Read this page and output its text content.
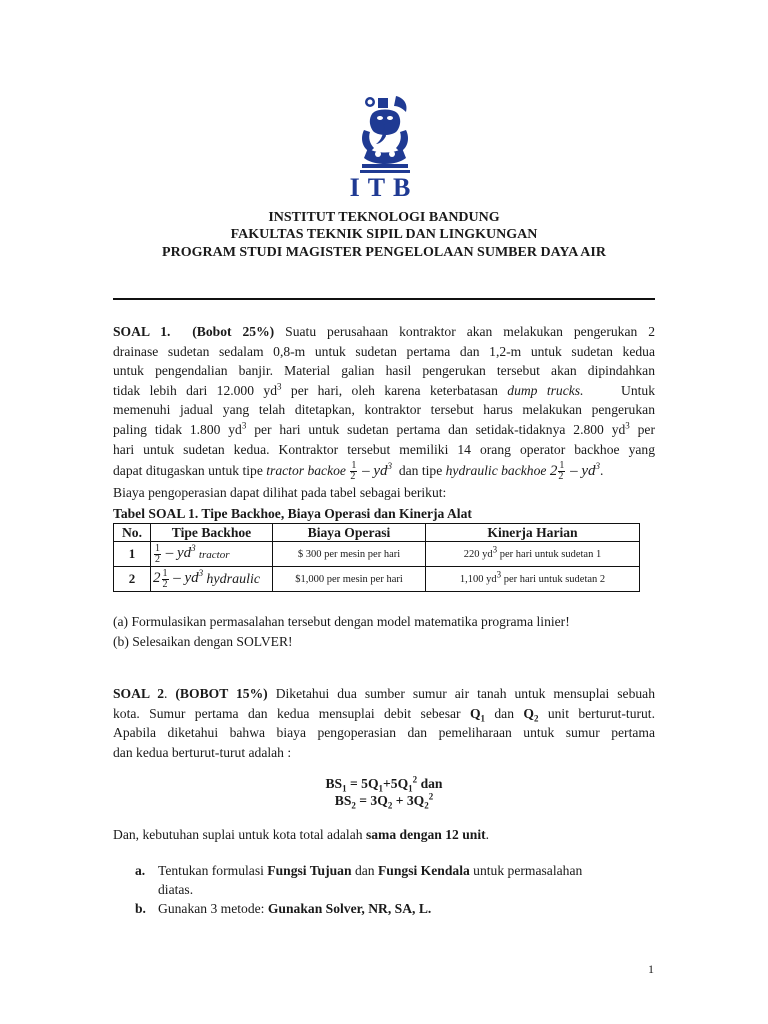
ITB
INSTITUT TEKNOLOGI BANDUNG
FAKULTAS TEKNIK SIPIL DAN LINGKUNGAN
PROGRAM STUDI MAGISTER PENGELOLAAN SUMBER DAYA AIR

SOAL 1. (Bobot 25%) Suatu perusahaan kontraktor akan melakukan pengerukan 2

drainase sudetan sedalam 0,8-m untuk sudetan pertama dan 1,2-m untuk sudetan kedua

untuk pengendalian banjir. Material galian hasil pengerukan tersebut akan dipindahkan

tidak lebih dari 12.000 $yd^3$ per hari, oleh karena keterbatasan dump trucks.	Untuk

memenuhi jadual yang telah ditetapkan, kontraktor tersebut harus melakukan pengerukan

paling tidak 1.800 $yd^3$ per hari untuk sudetan pertama dan setidak-tidaknya 2.800 $yd^3$ per

hari untuk sudetan kedua. Kontraktor tersebut memiliki 14 orang operator backhoe yang

dapat ditugaskan untuk tipe tractor backoe $\frac{1}{2} - yd^3$ dan tipe hydraulic backhoe $2 \frac{1}{2} - yd^3$.

Biaya pengoperasian dapat dilihat pada tabel sebagai berikut:

Tabel SOAL 1. Tipe Backhoe, Biaya Operasi dan Kinerja Alat
No.	Tipe Backhoe	Biaya Operasi	Kinerja Harian
1	$\frac{1}{2} - yd^3$ tractor	$ 300 per mesin per hari	220 $yd^3$ per hari untuk sudetan 1
2	$2 \frac{1}{2} - yd^3$ hydraulic	$1,000 per mesin per hari	1,100 $yd^3$ per hari untuk sudetan 2
(a) Formulasikan permasalahan tersebut dengan model matematika programa linier!
(b) Selesaikan dengan SOLVER!

SOAL 2. (BOBOT 15%) Diketahui dua sumber sumur air tanah untuk mensuplai sebuah

kota. Sumur pertama dan kedua mensuplai debit sebesar $Q_1$ dan $Q_2$ unit berturut-turut.

Apabila diketahui bahwa biaya pengoperasian dan pemeliharaan untuk sumur pertama

dan kedua berturut-turut adalah :

$BS_1 = 5Q_1+5Q_1^2$ dan
$BS_2 = 3Q_2 + 3Q_2^2$
Dan, kebutuhan suplai untuk kota total adalah sama dengan 12 unit.
a. Tentukan formulasi Fungsi Tujuan dan Fungsi Kendala untuk permasalahan
diatas.
b. Gunakan 3 metode: Gunakan Solver, NR, SA, L.
1
